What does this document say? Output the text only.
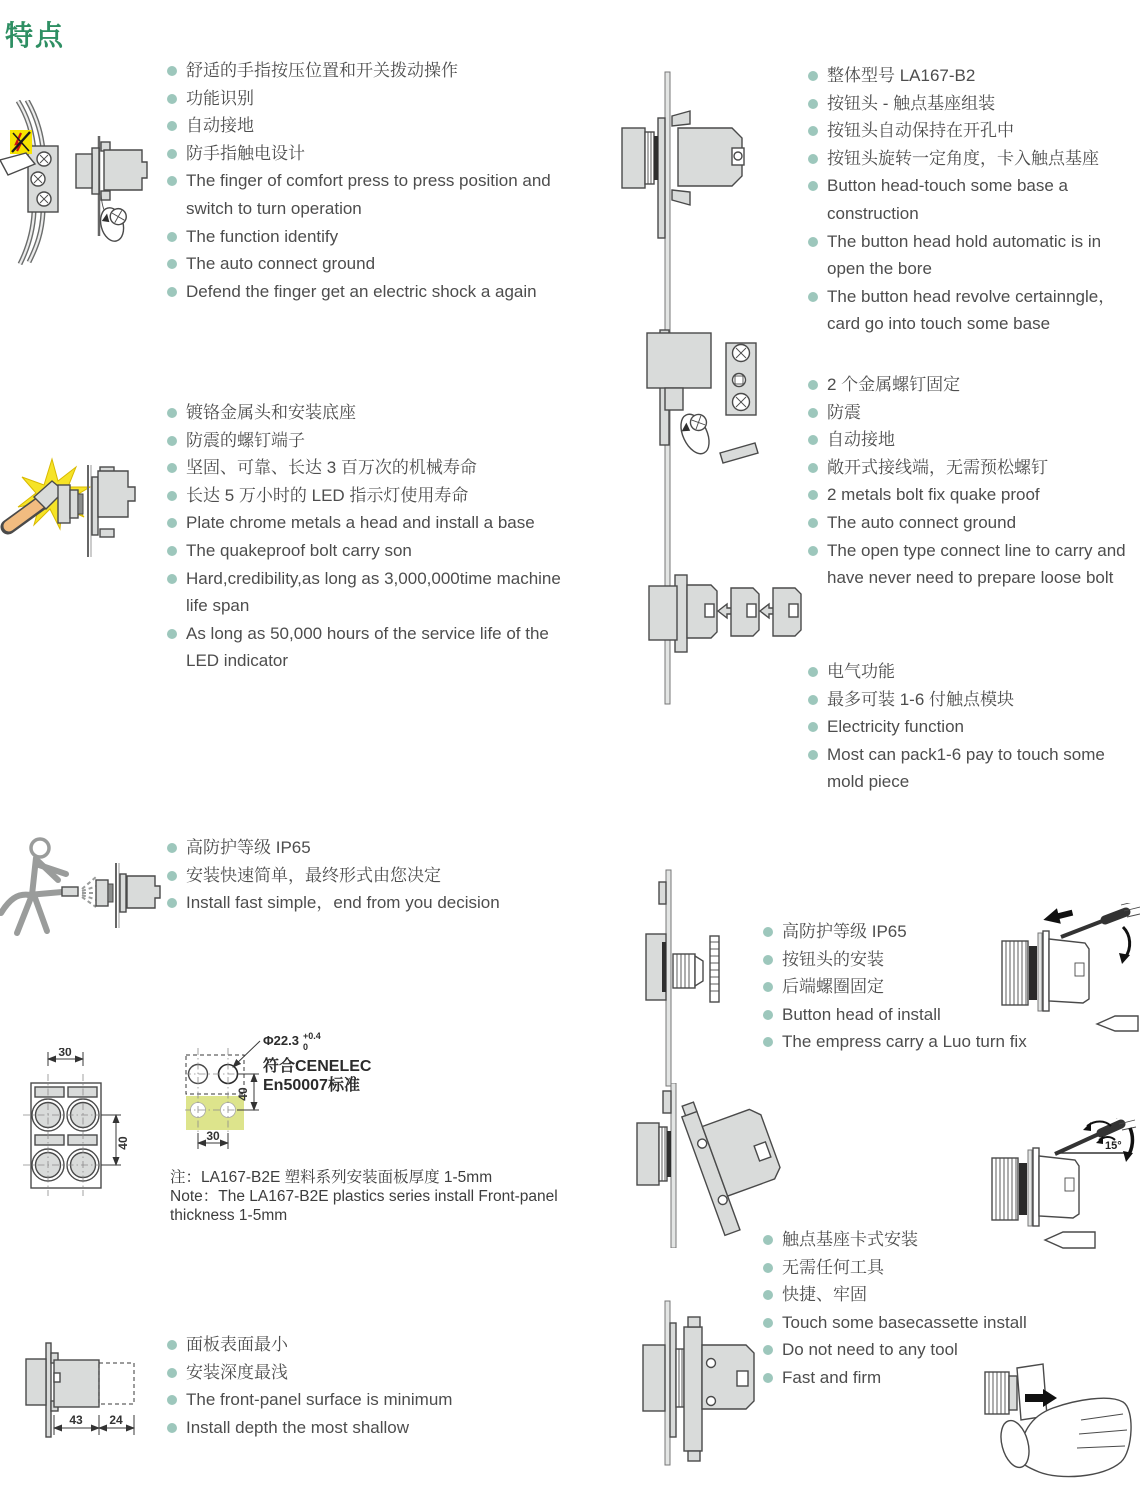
特点
舒适的手指按压位置和开关拨动操作
功能识别
自动接地
防手指触电设计
The finger of comfort press to press position and switch to turn operation
The function identify
The auto connect ground
Defend the finger get an electric shock a again
镀铬金属头和安装底座
防震的螺钉端子
坚固、可靠、长达 3 百万次的机械寿命
长达 5 万小时的 LED 指示灯使用寿命
Plate chrome metals a head and install a base
The quakeproof bolt carry son
Hard,credibility,as long as 3,000,000time machine life span
As long as 50,000 hours of the service life of the LED indicator
高防护等级 IP65
安装快速简单，最终形式由您决定
Install fast simple，end from you decision
30
40
40
30
Φ22.3 +0.4
0
符合CENELEC
En50007标准
注：LA167-B2E 塑料系列安装面板厚度 1-5mm
Note：The LA167-B2E plastics series install Front-panel
thickness 1-5mm
43 24
面板表面最小
安装深度最浅
The front-panel surface is minimum
Install depth the most shallow
整体型号 LA167-B2
按钮头 - 触点基座组装
按钮头自动保持在开孔中
按钮头旋转一定角度，卡入触点基座
Button head-touch some base a construction
The button head hold automatic is in open the bore
The button head revolve certainngle，card go into touch some base
2 个金属螺钉固定
防震
自动接地
敞开式接线端，无需预松螺钉
2 metals bolt fix quake proof
The auto connect ground
The open type connect line to carry and have never need to prepare loose bolt
电气功能
最多可装 1-6 付触点模块
Electricity function
Most can pack1-6 pay to touch some mold piece
高防护等级 IP65
按钮头的安装
后端螺圈固定
Button head of install
The empress carry a Luo turn fix
15°
触点基座卡式安装
无需任何工具
快捷、牢固
Touch some basecassette install
Do not need to any tool
Fast and firm
